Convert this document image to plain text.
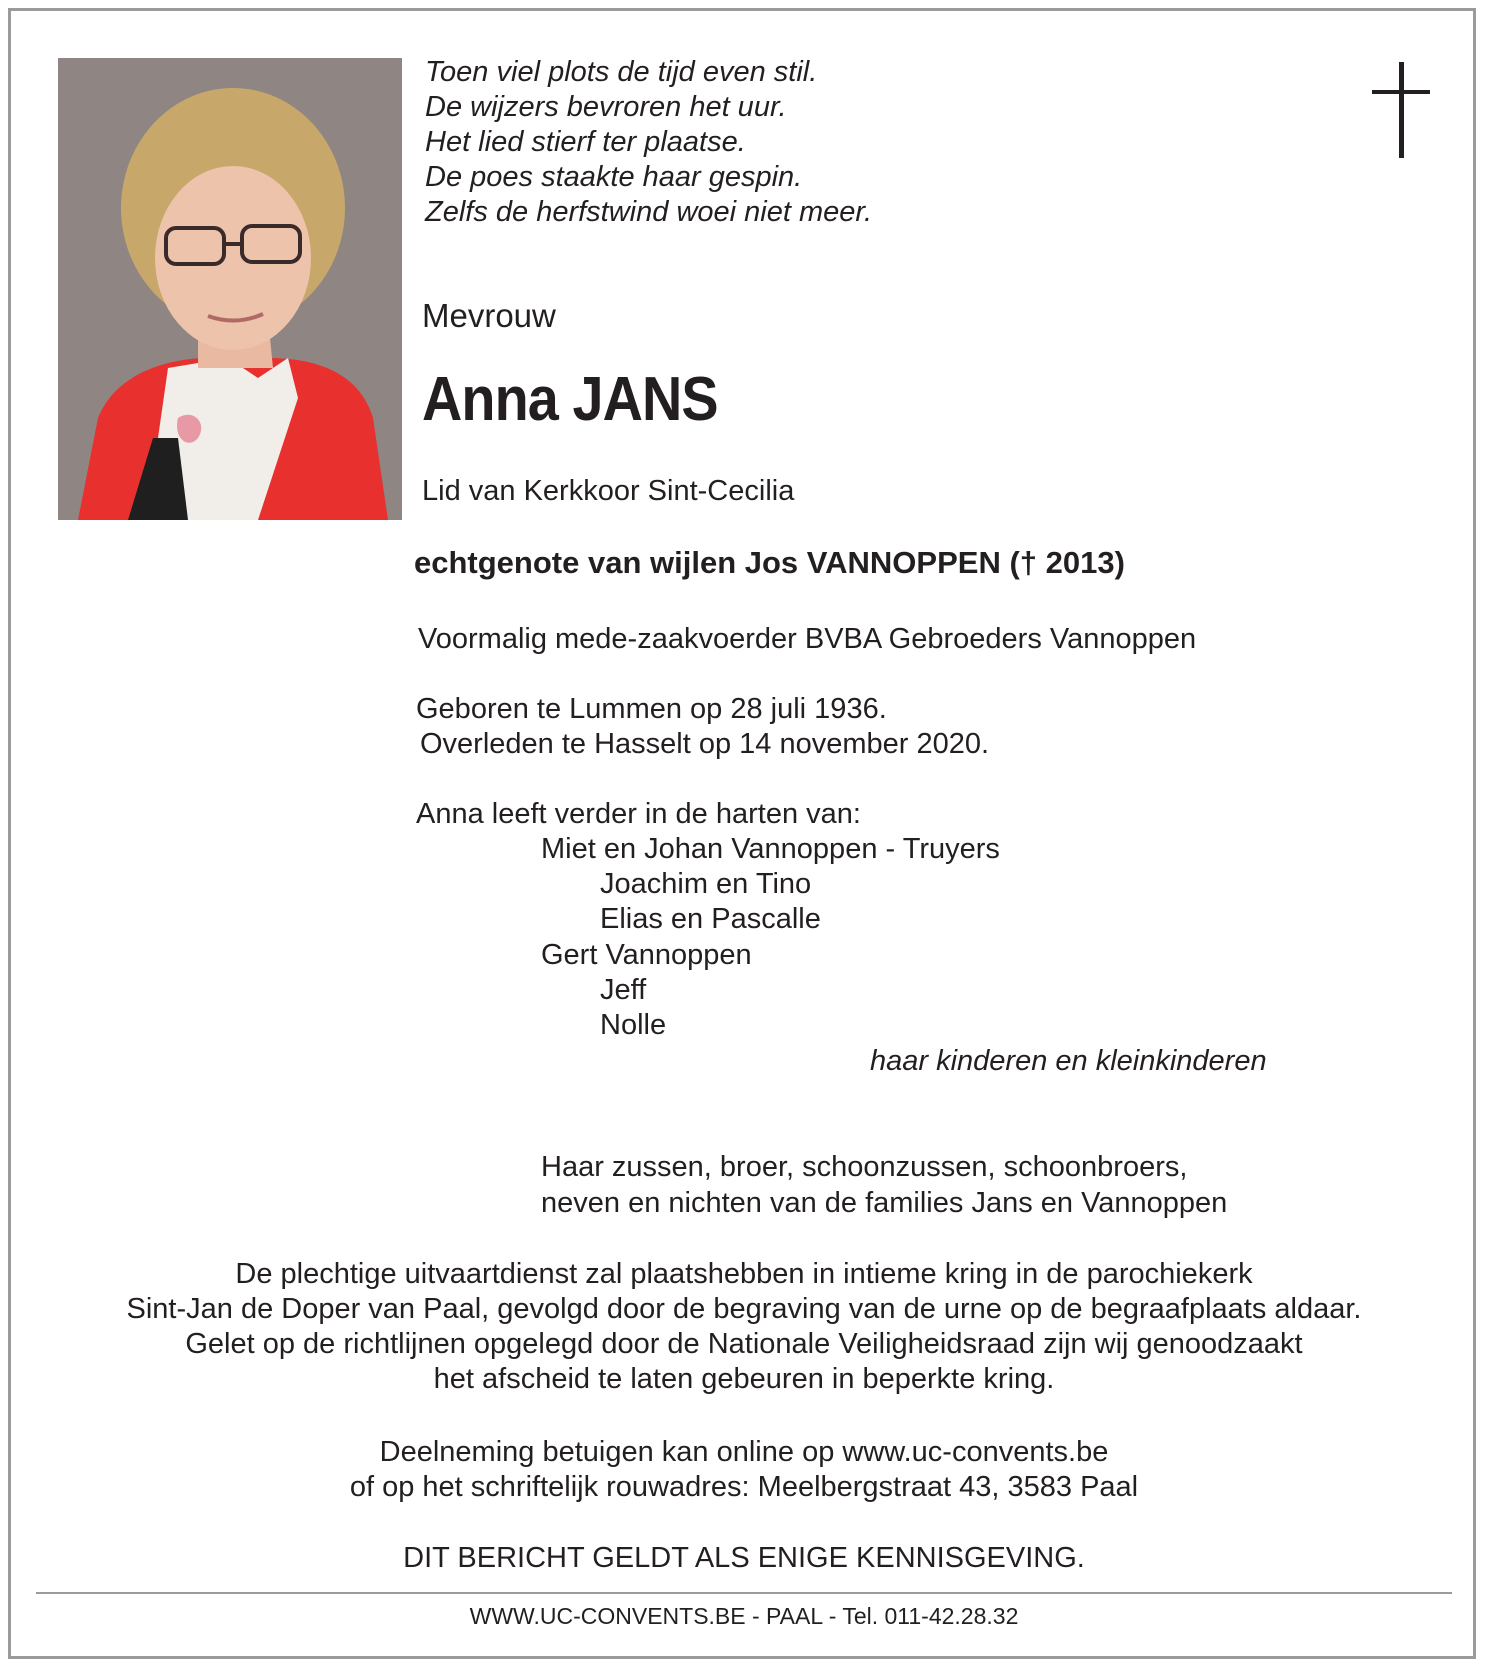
Toen viel plots de tijd even stil.
De wijzers bevroren het uur.
Het lied stierf ter plaatse.
De poes staakte haar gespin.
Zelfs de herfstwind woei niet meer.
Mevrouw
Anna JANS
Lid van Kerkkoor Sint-Cecilia
echtgenote van wijlen Jos VANNOPPEN († 2013)
Voormalig mede-zaakvoerder BVBA Gebroeders Vannoppen
Geboren te Lummen op 28 juli 1936.
Overleden te Hasselt op 14 november 2020.
Anna leeft verder in de harten van:
Miet en Johan Vannoppen - Truyers
Joachim en Tino
Elias en Pascalle
Gert Vannoppen
Jeff
Nolle
haar kinderen en kleinkinderen
Haar zussen, broer, schoonzussen, schoonbroers,
neven en nichten van de families Jans en Vannoppen
De plechtige uitvaartdienst zal plaatshebben in intieme kring in de parochiekerk
Sint-Jan de Doper van Paal, gevolgd door de begraving van de urne op de begraafplaats aldaar.
Gelet op de richtlijnen opgelegd door de Nationale Veiligheidsraad zijn wij genoodzaakt
het afscheid te laten gebeuren in beperkte kring.
Deelneming betuigen kan online op www.uc-convents.be
of op het schriftelijk rouwadres: Meelbergstraat 43, 3583 Paal
DIT BERICHT GELDT ALS ENIGE KENNISGEVING.
WWW.UC-CONVENTS.BE - PAAL - Tel. 011-42.28.32
